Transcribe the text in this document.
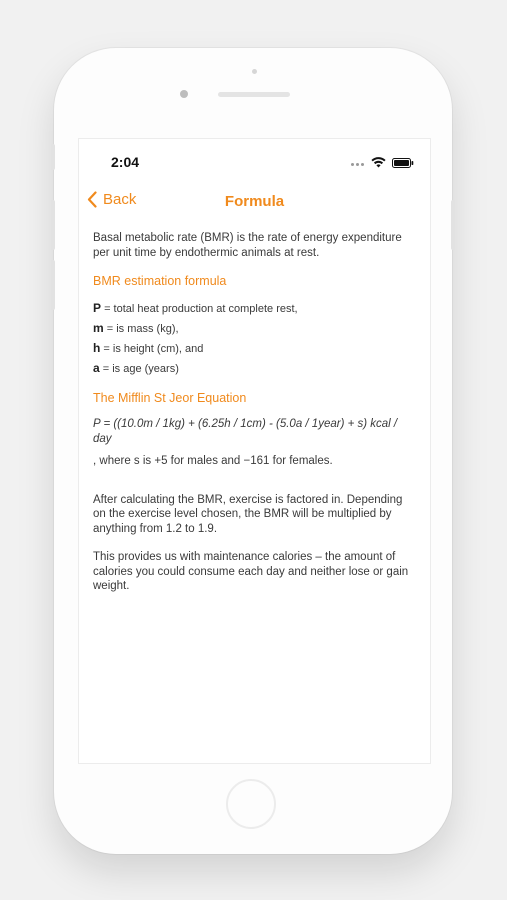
2:04
Back	Formula

Basal metabolic rate (BMR) is the rate of energy expenditure per unit time by endothermic animals at rest.

BMR estimation formula
P = total heat production at complete rest,
m = is mass (kg),
h = is height (cm), and
a = is age (years)
The Mifflin St Jeor Equation

P = ((10.0m / 1kg) + (6.25h / 1cm) - (5.0a / 1year) + s) kcal / day

, where s is +5 for males and −161 for females.

After calculating the BMR, exercise is factored in. Depending on the exercise level chosen, the BMR will be multiplied by anything from 1.2 to 1.9.

This provides us with maintenance calories – the amount of calories you could consume each day and neither lose or gain weight.
